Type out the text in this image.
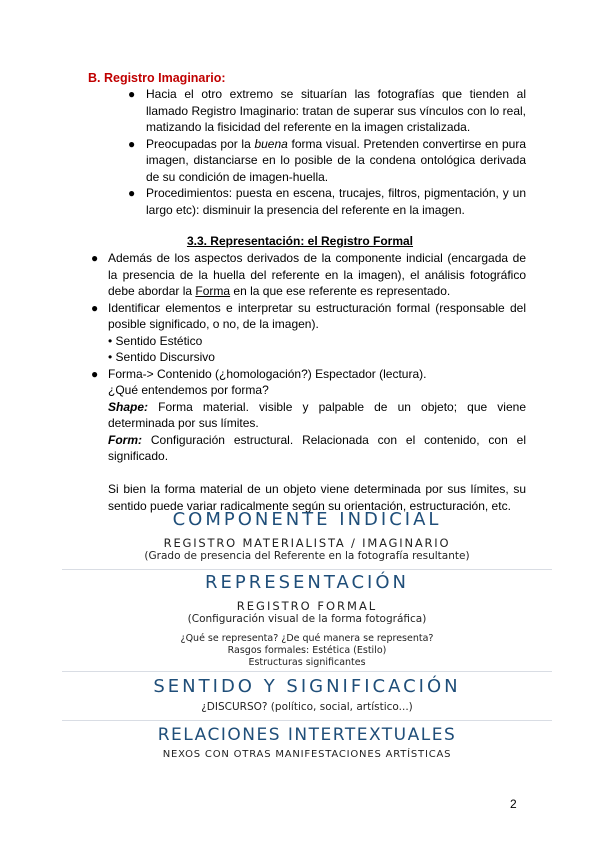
B. Registro Imaginario:
● Hacia el otro extremo se situarían las fotografías que tienden al llamado Registro Imaginario: tratan de superar sus vínculos con lo real, matizando la fisicidad del referente en la imagen cristalizada.
● Preocupadas por la buena forma visual. Pretenden convertirse en pura imagen, distanciarse en lo posible de la condena ontológica derivada de su condición de imagen-huella.
● Procedimientos: puesta en escena, trucajes, filtros, pigmentación, y un largo etc): disminuir la presencia del referente en la imagen.
3.3. Representación: el Registro Formal
● Además de los aspectos derivados de la componente indicial (encargada de la presencia de la huella del referente en la imagen), el análisis fotográfico debe abordar la Forma en la que ese referente es representado.
● Identificar elementos e interpretar su estructuración formal (responsable del posible significado, o no, de la imagen).
• Sentido Estético
• Sentido Discursivo
● Forma-> Contenido (¿homologación?) Espectador (lectura).
¿Qué entendemos por forma?
Shape: Forma material. visible y palpable de un objeto; que viene determinada por sus límites.
Form: Configuración estructural. Relacionada con el contenido, con el significado.
Si bien la forma material de un objeto viene determinada por sus límites, su sentido puede variar radicalmente según su orientación, estructuración, etc.
COMPONENTE INDICIAL
REGISTRO MATERIALISTA / IMAGINARIO
(Grado de presencia del Referente en la fotografía resultante)
REPRESENTACIÓN
REGISTRO FORMAL
(Configuración visual de la forma fotográfica)
¿Qué se representa? ¿De qué manera se representa?
Rasgos formales: Estética (Estilo)
Estructuras significantes
SENTIDO Y SIGNIFICACIÓN
¿DISCURSO? (político, social, artístico...)
RELACIONES INTERTEXTUALES
NEXOS CON OTRAS MANIFESTACIONES ARTÍSTICAS
2
